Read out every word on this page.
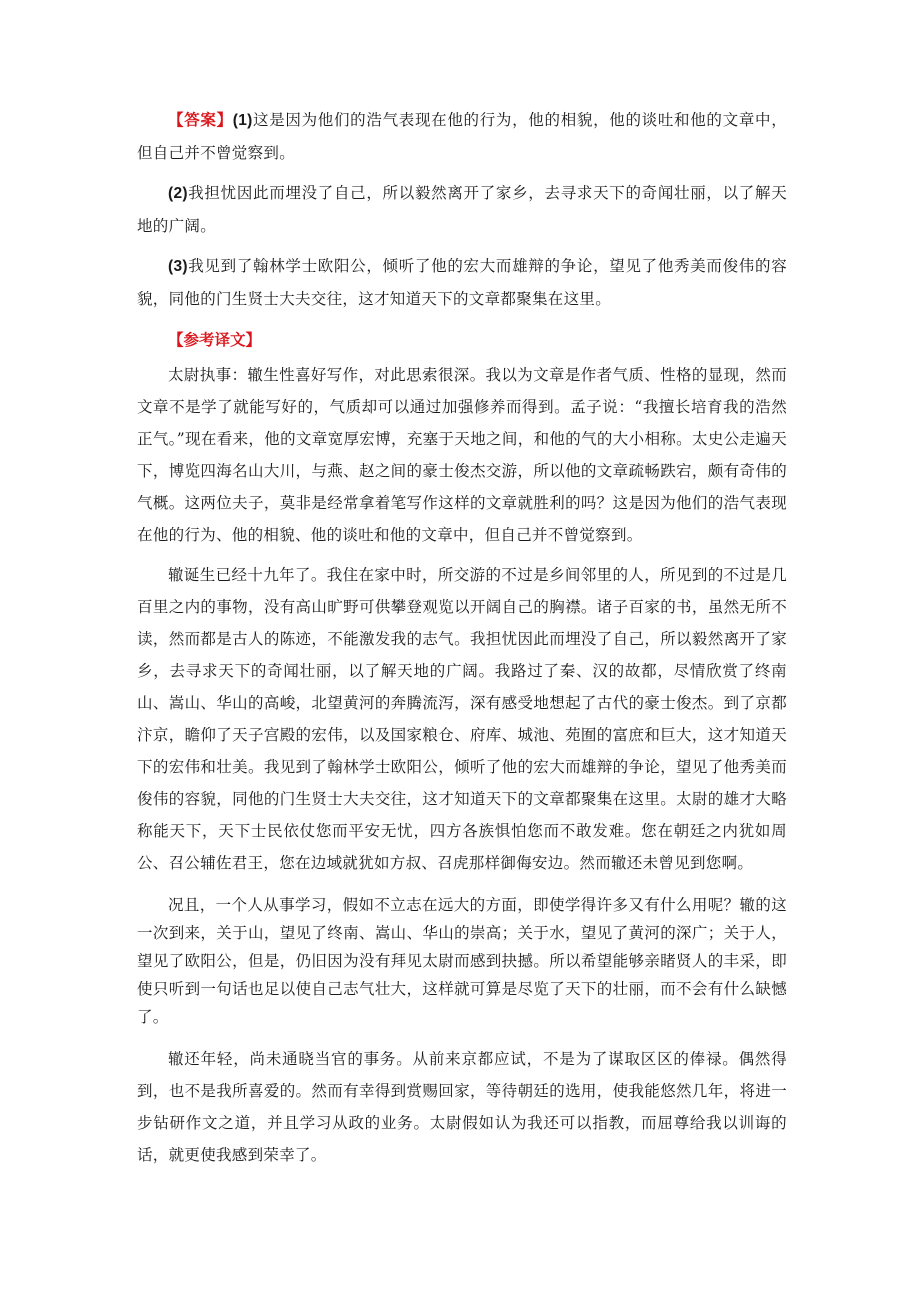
【答案】(1)这是因为他们的浩气表现在他的行为，他的相貌，他的谈吐和他的文章中，但自己并不曾觉察到。

(2)我担忧因此而埋没了自己，所以毅然离开了家乡，去寻求天下的奇闻壮丽，以了解天地的广阔。

(3)我见到了翰林学士欧阳公，倾听了他的宏大而雄辩的争论，望见了他秀美而俊伟的容貌，同他的门生贤士大夫交往，这才知道天下的文章都聚集在这里。

【参考译文】

太尉执事：辙生性喜好写作，对此思索很深。我以为文章是作者气质、性格的显现，然而文章不是学了就能写好的，气质却可以通过加强修养而得到。孟子说：“我擅长培育我的浩然正气。”现在看来，他的文章宽厚宏博，充塞于天地之间，和他的气的大小相称。太史公走遍天下，博览四海名山大川，与燕、赵之间的豪士俊杰交游，所以他的文章疏畅跌宕，颇有奇伟的气概。这两位夫子，莫非是经常拿着笔写作这样的文章就胜利的吗？这是因为他们的浩气表现在他的行为、他的相貌、他的谈吐和他的文章中，但自己并不曾觉察到。

辙诞生已经十九年了。我住在家中时，所交游的不过是乡间邻里的人，所见到的不过是几百里之内的事物，没有高山旷野可供攀登观览以开阔自己的胸襟。诸子百家的书，虽然无所不读，然而都是古人的陈迹，不能激发我的志气。我担忧因此而埋没了自己，所以毅然离开了家乡，去寻求天下的奇闻壮丽，以了解天地的广阔。我路过了秦、汉的故都，尽情欣赏了终南山、嵩山、华山的高峻，北望黄河的奔腾流泻，深有感受地想起了古代的豪士俊杰。到了京都汴京，瞻仰了天子宫殿的宏伟，以及国家粮仓、府库、城池、苑囿的富庶和巨大，这才知道天下的宏伟和壮美。我见到了翰林学士欧阳公，倾听了他的宏大而雄辩的争论，望见了他秀美而俊伟的容貌，同他的门生贤士大夫交往，这才知道天下的文章都聚集在这里。太尉的雄才大略称能天下，天下士民依仗您而平安无忧，四方各族惧怕您而不敢发难。您在朝廷之内犹如周公、召公辅佐君王，您在边域就犹如方叔、召虎那样御侮安边。然而辙还未曾见到您啊。

况且，一个人从事学习，假如不立志在远大的方面，即使学得许多又有什么用呢？辙的这一次到来，关于山，望见了终南、嵩山、华山的崇高；关于水，望见了黄河的深广；关于人，望见了欧阳公，但是，仍旧因为没有拜见太尉而感到抉撼。所以希望能够亲睹贤人的丰采，即使只听到一句话也足以使自己志气壮大，这样就可算是尽览了天下的壮丽，而不会有什么缺憾了。

辙还年轻，尚未通晓当官的事务。从前来京都应试，不是为了谋取区区的俸禄。偶然得到，也不是我所喜爱的。然而有幸得到赏赐回家，等待朝廷的选用，使我能悠然几年，将进一步钻研作文之道，并且学习从政的业务。太尉假如认为我还可以指教，而屈尊给我以训诲的话，就更使我感到荣幸了。
